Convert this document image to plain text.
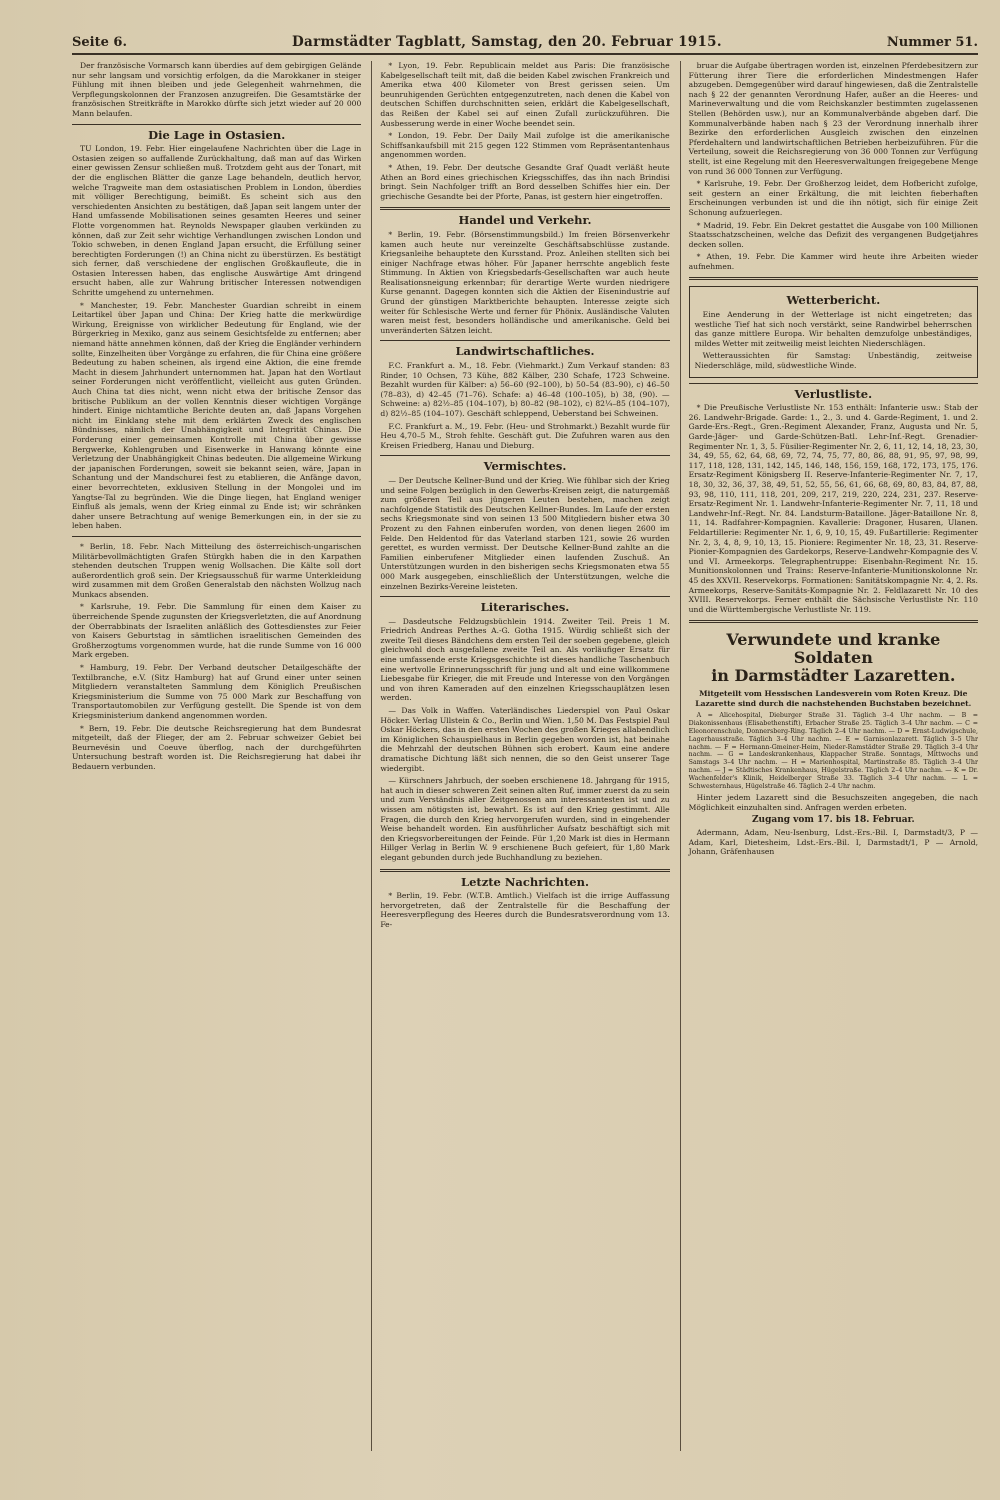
Seite 6.	Darmstädter Tagblatt, Samstag, den 20. Februar 1915.	Nummer 51.

Der französische Vormarsch kann überdies auf dem gebirgigen Gelände nur sehr langsam und vorsichtig erfolgen, da die Marokkaner in steiger Fühlung mit ihnen bleiben und jede Gelegenheit wahrnehmen, die Verpflegungskolonnen der Franzosen anzugreifen. Die Gesamtstärke der französischen Streitkräfte in Marokko dürfte sich jetzt wieder auf 20 000 Mann belaufen.

Die Lage in Ostasien.

TU London, 19. Febr. Hier eingelaufene Nachrichten über die Lage in Ostasien zeigen so auffallende Zurückhaltung, daß man auf das Wirken einer gewissen Zensur schließen muß. Trotzdem geht aus der Tonart, mit der die englischen Blätter die ganze Lage behandeln, deutlich hervor, welche Tragweite man dem ostasiatischen Problem in London, überdies mit völliger Berechtigung, beimißt. Es scheint sich aus den verschiedenten Ansichten zu bestätigen, daß Japan seit langem unter der Hand umfassende Mobilisationen seines gesamten Heeres und seiner Flotte vorgenommen hat. Reynolds Newspaper glauben verkünden zu können, daß zur Zeit sehr wichtige Verhandlungen zwischen London und Tokio schweben, in denen England Japan ersucht, die Erfüllung seiner berechtigten Forderungen (!) an China nicht zu überstürzen. Es bestätigt sich ferner, daß verschiedene der englischen Großkaufleute, die in Ostasien Interessen haben, das englische Auswärtige Amt dringend ersucht haben, alle zur Wahrung britischer Interessen notwendigen Schritte umgehend zu unternehmen.

* Manchester, 19. Febr. Manchester Guardian schreibt in einem Leitartikel über Japan und China: Der Krieg hatte die merkwürdige Wirkung, Ereignisse von wirklicher Bedeutung für England, wie der Bürgerkrieg in Mexiko, ganz aus seinem Gesichtsfelde zu entfernen; aber niemand hätte annehmen können, daß der Krieg die Engländer verhindern sollte, Einzelheiten über Vorgänge zu erfahren, die für China eine größere Bedeutung zu haben scheinen, als irgend eine Aktion, die eine fremde Macht in diesem Jahrhundert unternommen hat. Japan hat den Wortlaut seiner Forderungen nicht veröffentlicht, vielleicht aus guten Gründen. Auch China tat dies nicht, wenn nicht etwa der britische Zensor das britische Publikum an der vollen Kenntnis dieser wichtigen Vorgänge hindert. Einige nichtamtliche Berichte deuten an, daß Japans Vorgehen nicht im Einklang stehe mit dem erklärten Zweck des englischen Bündnisses, nämlich der Unabhängigkeit und Integrität Chinas. Die Forderung einer gemeinsamen Kontrolle mit China über gewisse Bergwerke, Kohlengruben und Eisenwerke in Hanwang könnte eine Verletzung der Unabhängigkeit Chinas bedeuten. Die allgemeine Wirkung der japanischen Forderungen, soweit sie bekannt seien, wäre, Japan in Schantung und der Mandschurei fest zu etablieren, die Anfänge davon, einer bevorrechteten, exklusiven Stellung in der Mongolei und im Yangtse-Tal zu begründen. Wie die Dinge liegen, hat England weniger Einfluß als jemals, wenn der Krieg einmal zu Ende ist; wir schränken daher unsere Betrachtung auf wenige Bemerkungen ein, in der sie zu leben haben.

* Berlin, 18. Febr. Nach Mitteilung des österreichisch-ungarischen Militärbevollmächtigten Grafen Stürgkh haben die in den Karpathen stehenden deutschen Truppen wenig Wollsachen. Die Kälte soll dort außerordentlich groß sein. Der Kriegsausschuß für warme Unterkleidung wird zusammen mit dem Großen Generalstab den nächsten Wollzug nach Munkacs absenden.

* Karlsruhe, 19. Febr. Die Sammlung für einen dem Kaiser zu überreichende Spende zugunsten der Kriegsverletzten, die auf Anordnung der Oberrabbinats der Israeliten anläßlich des Gottesdienstes zur Feier von Kaisers Geburtstag in sämtlichen israelitischen Gemeinden des Großherzogtums vorgenommen wurde, hat die runde Summe von 16 000 Mark ergeben.

* Hamburg, 19. Febr. Der Verband deutscher Detailgeschäfte der Textilbranche, e.V. (Sitz Hamburg) hat auf Grund einer unter seinen Mitgliedern veranstalteten Sammlung dem Königlich Preußischen Kriegsministerium die Summe von 75 000 Mark zur Beschaffung von Transportautomobilen zur Verfügung gestellt. Die Spende ist von dem Kriegsministerium dankend angenommen worden.

* Bern, 19. Febr. Die deutsche Reichsregierung hat dem Bundesrat mitgeteilt, daß der Flieger, der am 2. Februar schweizer Gebiet bei Beurnevésin und Coeuve überflog, nach der durchgeführten Untersuchung bestraft worden ist. Die Reichsregierung hat dabei ihr Bedauern verbunden.

* Lyon, 19. Febr. Republicain meldet aus Paris: Die französische Kabelgesellschaft teilt mit, daß die beiden Kabel zwischen Frankreich und Amerika etwa 400 Kilometer von Brest gerissen seien. Um beunruhigenden Gerüchten entgegenzutreten, nach denen die Kabel von deutschen Schiffen durchschnitten seien, erklärt die Kabelgesellschaft, das Reißen der Kabel sei auf einen Zufall zurückzuführen. Die Ausbesserung werde in einer Woche beendet sein.

* London, 19. Febr. Der Daily Mail zufolge ist die amerikanische Schiffsankaufsbill mit 215 gegen 122 Stimmen vom Repräsentantenhaus angenommen worden.

* Athen, 19. Febr. Der deutsche Gesandte Graf Quadt verläßt heute Athen an Bord eines griechischen Kriegsschiffes, das ihn nach Brindisi bringt. Sein Nachfolger trifft an Bord desselben Schiffes hier ein. Der griechische Gesandte bei der Pforte, Panas, ist gestern hier eingetroffen.

Handel und Verkehr.

* Berlin, 19. Febr. (Börsenstimmungsbild.) Im freien Börsenverkehr kamen auch heute nur vereinzelte Geschäftsabschlüsse zustande. Kriegsanleihe behauptete den Kursstand. Proz. Anleihen stellten sich bei einiger Nachfrage etwas höher. Für Japaner herrschte angeblich feste Stimmung. In Aktien von Kriegsbedarfs-Gesellschaften war auch heute Realisationsneigung erkennbar; für derartige Werte wurden niedrigere Kurse genannt. Dagegen konnten sich die Aktien der Eisenindustrie auf Grund der günstigen Marktberichte behaupten. Interesse zeigte sich weiter für Schlesische Werte und ferner für Phönix. Ausländische Valuten waren meist fest, besonders holländische und amerikanische. Geld bei unveränderten Sätzen leicht.

Landwirtschaftliches.

F.C. Frankfurt a. M., 18. Febr. (Viehmarkt.) Zum Verkauf standen: 83 Rinder, 10 Ochsen, 73 Kühe, 882 Kälber, 230 Schafe, 1723 Schweine. Bezahlt wurden für Kälber: a) 56–60 (92–100), b) 50–54 (83–90), c) 46–50 (78–83), d) 42–45 (71–76). Schafe: a) 46–48 (100–105), b) 38, (90). — Schweine: a) 82½–85 (104–107), b) 80–82 (98–102), c) 82¼–85 (104–107), d) 82½–85 (104–107). Geschäft schleppend, Ueberstand bei Schweinen.

F.C. Frankfurt a. M., 19. Febr. (Heu- und Strohmarkt.) Bezahlt wurde für Heu 4,70–5 M., Stroh fehlte. Geschäft gut. Die Zufuhren waren aus den Kreisen Friedberg, Hanau und Dieburg.

Vermischtes.

— Der Deutsche Kellner-Bund und der Krieg. Wie fühlbar sich der Krieg und seine Folgen bezüglich in den Gewerbs-Kreisen zeigt, die naturgemäß zum größeren Teil aus jüngeren Leuten bestehen, machen zeigt nachfolgende Statistik des Deutschen Kellner-Bundes. Im Laufe der ersten sechs Kriegsmonate sind von seinen 13 500 Mitgliedern bisher etwa 30 Prozent zu den Fahnen einberufen worden, von denen liegen 2600 im Felde. Den Heldentod für das Vaterland starben 121, sowie 26 wurden gerettet, es wurden vermisst. Der Deutsche Kellner-Bund zahlte an die Familien einberufener Mitglieder einen laufenden Zuschuß. An Unterstützungen wurden in den bisherigen sechs Kriegsmonaten etwa 55 000 Mark ausgegeben, einschließlich der Unterstützungen, welche die einzelnen Bezirks-Vereine leisteten.

Literarisches.

— Dasdeutsche Feldzugsbüchlein 1914. Zweiter Teil. Preis 1 M. Friedrich Andreas Perthes A.-G. Gotha 1915. Würdig schließt sich der zweite Teil dieses Bändchens dem ersten Teil der soeben gegebene, gleich gleichwohl doch ausgefallene zweite Teil an. Als vorläufiger Ersatz für eine umfassende erste Kriegsgeschichte ist dieses handliche Taschenbuch eine wertvolle Erinnerungsschrift für jung und alt und eine willkommene Liebesgabe für Krieger, die mit Freude und Interesse von den Vorgängen und von ihren Kameraden auf den einzelnen Kriegsschauplätzen lesen werden.

— Das Volk in Waffen. Vaterländisches Liederspiel von Paul Oskar Höcker. Verlag Ullstein & Co., Berlin und Wien. 1,50 M. Das Festspiel Paul Oskar Höckers, das in den ersten Wochen des großen Krieges allabendlich im Königlichen Schauspielhaus in Berlin gegeben worden ist, hat beinahe die Mehrzahl der deutschen Bühnen sich erobert. Kaum eine andere dramatische Dichtung läßt sich nennen, die so den Geist unserer Tage wiedergibt.

— Kürschners Jahrbuch, der soeben erschienene 18. Jahrgang für 1915, hat auch in dieser schweren Zeit seinen alten Ruf, immer zuerst da zu sein und zum Verständnis aller Zeitgenossen am interessantesten ist und zu wissen am nötigsten ist, bewahrt. Es ist auf den Krieg gestimmt. Alle Fragen, die durch den Krieg hervorgerufen wurden, sind in eingehender Weise behandelt worden. Ein ausführlicher Aufsatz beschäftigt sich mit den Kriegsvorbereitungen der Feinde. Für 1,20 Mark ist dies in Hermann Hillger Verlag in Berlin W. 9 erschienene Buch gefeiert, für 1,80 Mark elegant gebunden durch jede Buchhandlung zu beziehen.

Letzte Nachrichten.

* Berlin, 19. Febr. (W.T.B. Amtlich.) Vielfach ist die irrige Auffassung hervorgetreten, daß der Zentralstelle für die Beschaffung der Heeresverpflegung des Heeres durch die Bundesratsverordnung vom 13. Fe-

bruar die Aufgabe übertragen worden ist, einzelnen Pferdebesitzern zur Fütterung ihrer Tiere die erforderlichen Mindestmengen Hafer abzugeben. Demgegenüber wird darauf hingewiesen, daß die Zentralstelle nach § 22 der genannten Verordnung Hafer, außer an die Heeres- und Marineverwaltung und die vom Reichskanzler bestimmten zugelassenen Stellen (Behörden usw.), nur an Kommunalverbände abgeben darf. Die Kommunalverbände haben nach § 23 der Verordnung innerhalb ihrer Bezirke den erforderlichen Ausgleich zwischen den einzelnen Pferdehaltern und landwirtschaftlichen Betrieben herbeizuführen. Für die Verteilung, soweit die Reichsregierung von 36 000 Tonnen zur Verfügung stellt, ist eine Regelung mit den Heeresverwaltungen freigegebene Menge von rund 36 000 Tonnen zur Verfügung.

* Karlsruhe, 19. Febr. Der Großherzog leidet, dem Hofbericht zufolge, seit gestern an einer Erkältung, die mit leichten fieberhaften Erscheinungen verbunden ist und die ihn nötigt, sich für einige Zeit Schonung aufzuerlegen.

* Madrid, 19. Febr. Ein Dekret gestattet die Ausgabe von 100 Millionen Staatsschatzscheinen, welche das Defizit des vergangenen Budgetjahres decken sollen.

* Athen, 19. Febr. Die Kammer wird heute ihre Arbeiten wieder aufnehmen.

Wetterbericht.

Eine Aenderung in der Wetterlage ist nicht eingetreten; das westliche Tief hat sich noch verstärkt, seine Randwirbel beherrschen das ganze mittlere Europa. Wir behalten demzufolge unbeständiges, mildes Wetter mit zeitweilig meist leichten Niederschlägen.

Wetteraussichten für Samstag: Unbeständig, zeitweise Niederschläge, mild, südwestliche Winde.

Verlustliste.

* Die Preußische Verlustliste Nr. 153 enthält: Infanterie usw.: Stab der 26. Landwehr-Brigade. Garde: 1., 2., 3. und 4. Garde-Regiment, 1. und 2. Garde-Ers.-Regt., Gren.-Regiment Alexander, Franz, Augusta und Nr. 5, Garde-Jäger- und Garde-Schützen-Batl. Lehr-Inf.-Regt. Grenadier-Regimenter Nr. 1, 3, 5. Füsilier-Regimenter Nr. 2, 6, 11, 12, 14, 18, 23, 30, 34, 49, 55, 62, 64, 68, 69, 72, 74, 75, 77, 80, 86, 88, 91, 95, 97, 98, 99, 117, 118, 128, 131, 142, 145, 146, 148, 156, 159, 168, 172, 173, 175, 176. Ersatz-Regiment Königsberg II. Reserve-Infanterie-Regimenter Nr. 7, 17, 18, 30, 32, 36, 37, 38, 49, 51, 52, 55, 56, 61, 66, 68, 69, 80, 83, 84, 87, 88, 93, 98, 110, 111, 118, 201, 209, 217, 219, 220, 224, 231, 237. Reserve-Ersatz-Regiment Nr. 1. Landwehr-Infanterie-Regimenter Nr. 7, 11, 18 und Landwehr-Inf.-Regt. Nr. 84. Landsturm-Bataillone. Jäger-Bataillone Nr. 8, 11, 14. Radfahrer-Kompagnien. Kavallerie: Dragoner, Husaren, Ulanen. Feldartillerie: Regimenter Nr. 1, 6, 9, 10, 15, 49. Fußartillerie: Regimenter Nr. 2, 3, 4, 8, 9, 10, 13, 15. Pioniere: Regimenter Nr. 18, 23, 31. Reserve-Pionier-Kompagnien des Gardekorps, Reserve-Landwehr-Kompagnie des V. und VI. Armeekorps. Telegraphentruppe: Eisenbahn-Regiment Nr. 15. Munitionskolonnen und Trains: Reserve-Infanterie-Munitionskolonne Nr. 45 des XXVII. Reservekorps. Formationen: Sanitätskompagnie Nr. 4, 2. Rs. Armeekorps, Reserve-Sanitäts-Kompagnie Nr. 2. Feldlazarett Nr. 10 des XVIII. Reservekorps. Ferner enthält die Sächsische Verlustliste Nr. 110 und die Württembergische Verlustliste Nr. 119.

Verwundete und kranke Soldaten
in Darmstädter Lazaretten.
Mitgeteilt vom Hessischen Landesverein vom Roten Kreuz. Die Lazarette sind durch die nachstehenden Buchstaben bezeichnet.

A = Alicehospital, Dieburger Straße 31. Täglich 3–4 Uhr nachm. — B = Diakonissenhaus (Elisabethenstift), Erbacher Straße 25. Täglich 3–4 Uhr nachm. — C = Eleonorenschule, Donnersberg-Ring. Täglich 2–4 Uhr nachm. — D = Ernst-Ludwigschule, Lagerhausstraße. Täglich 3–4 Uhr nachm. — E = Garnisonlazarett. Täglich 3–5 Uhr nachm. — F = Hermann-Gmeiner-Heim, Nieder-Ramstädter Straße 29. Täglich 3–4 Uhr nachm. — G = Landeskrankenhaus, Klappacher Straße. Sonntags, Mittwochs und Samstags 3–4 Uhr nachm. — H = Marienhospital, Martinstraße 85. Täglich 3–4 Uhr nachm. — J = Städtisches Krankenhaus, Hügelstraße. Täglich 2–4 Uhr nachm. — K = Dr. Wachenfelder's Klinik, Heidelberger Straße 33. Täglich 3–4 Uhr nachm. — L = Schwesternhaus, Hügelstraße 46. Täglich 2–4 Uhr nachm.

Hinter jedem Lazarett sind die Besuchszeiten angegeben, die nach Möglichkeit einzuhalten sind. Anfragen werden erbeten.

Zugang vom 17. bis 18. Februar.

Adermann, Adam, Neu-Isenburg, Ldst.-Ers.-Bil. I, Darmstadt/3, P — Adam, Karl, Dietesheim, Ldst.-Ers.-Bil. I, Darmstadt/1, P — Arnold, Johann, Gräfenhausen
